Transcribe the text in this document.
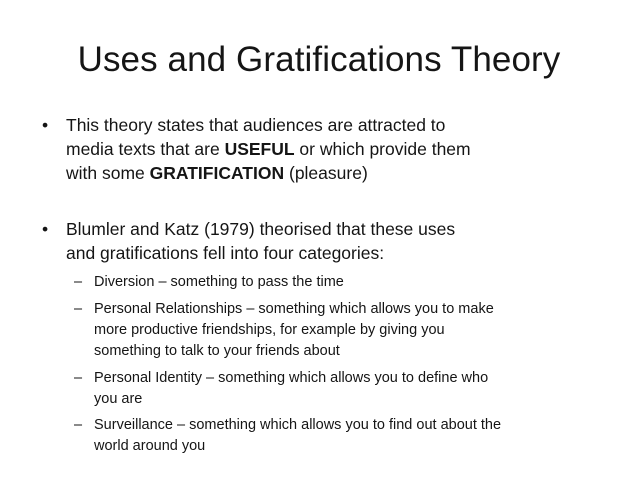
Uses and Gratifications Theory
• This theory states that audiences are attracted to media texts that are USEFUL or which provide them with some GRATIFICATION (pleasure)
• Blumler and Katz (1979) theorised that these uses and gratifications fell into four categories:
– Diversion – something to pass the time
– Personal Relationships – something which allows you to make more productive friendships, for example by giving you something to talk to your friends about
– Personal Identity – something which allows you to define who you are
– Surveillance – something which allows you to find out about the world around you
